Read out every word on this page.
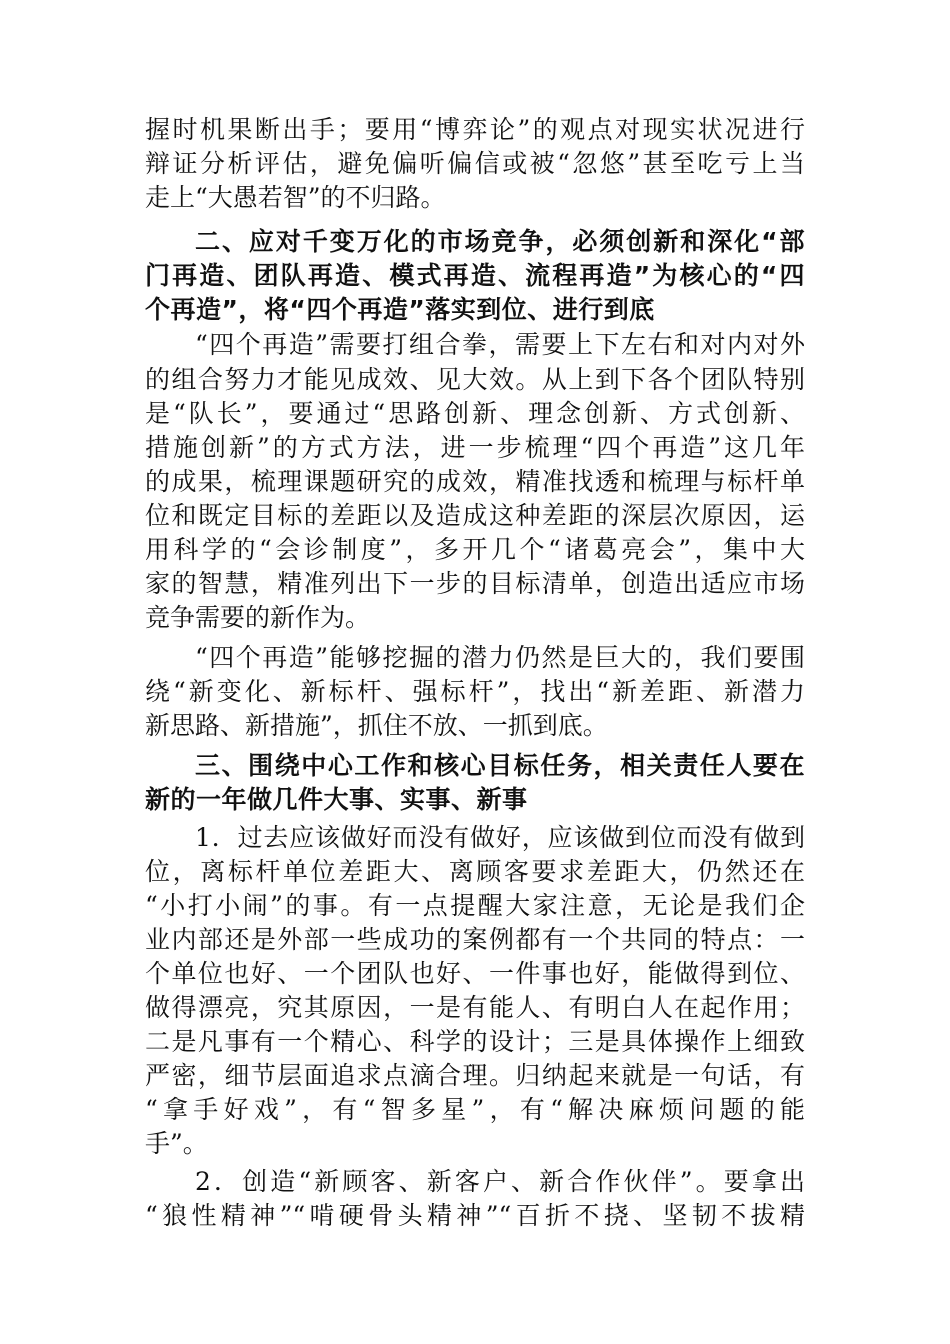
握时机果断出手；要用“博弈论”的观点对现实状况进行
辩证分析评估，避免偏听偏信或被“忽悠”甚至吃亏上当
走上“大愚若智”的不归路。
二、应对千变万化的市场竞争，必须创新和深化“部
门再造、团队再造、模式再造、流程再造”为核心的“四
个再造”，将“四个再造”落实到位、进行到底
“四个再造”需要打组合拳，需要上下左右和对内对外
的组合努力才能见成效、见大效。从上到下各个团队特别
是“队长”，要通过“思路创新、理念创新、方式创新、
措施创新”的方式方法，进一步梳理“四个再造”这几年
的成果，梳理课题研究的成效，精准找透和梳理与标杆单
位和既定目标的差距以及造成这种差距的深层次原因，运
用科学的“会诊制度”，多开几个“诸葛亮会”，集中大
家的智慧，精准列出下一步的目标清单，创造出适应市场
竞争需要的新作为。
“四个再造”能够挖掘的潜力仍然是巨大的，我们要围
绕“新变化、新标杆、强标杆”，找出“新差距、新潜力
新思路、新措施”，抓住不放、一抓到底。
三、围绕中心工作和核心目标任务，相关责任人要在
新的一年做几件大事、实事、新事
1．过去应该做好而没有做好，应该做到位而没有做到
位，离标杆单位差距大、离顾客要求差距大，仍然还在
“小打小闹”的事。有一点提醒大家注意，无论是我们企
业内部还是外部一些成功的案例都有一个共同的特点：一
个单位也好、一个团队也好、一件事也好，能做得到位、
做得漂亮，究其原因，一是有能人、有明白人在起作用；
二是凡事有一个精心、科学的设计；三是具体操作上细致
严密，细节层面追求点滴合理。归纳起来就是一句话，有
“拿手好戏”，有“智多星”，有“解决麻烦问题的能
手”。
2．创造“新顾客、新客户、新合作伙伴”。要拿出
“狼性精神”“啃硬骨头精神”“百折不挠、坚韧不拔精
